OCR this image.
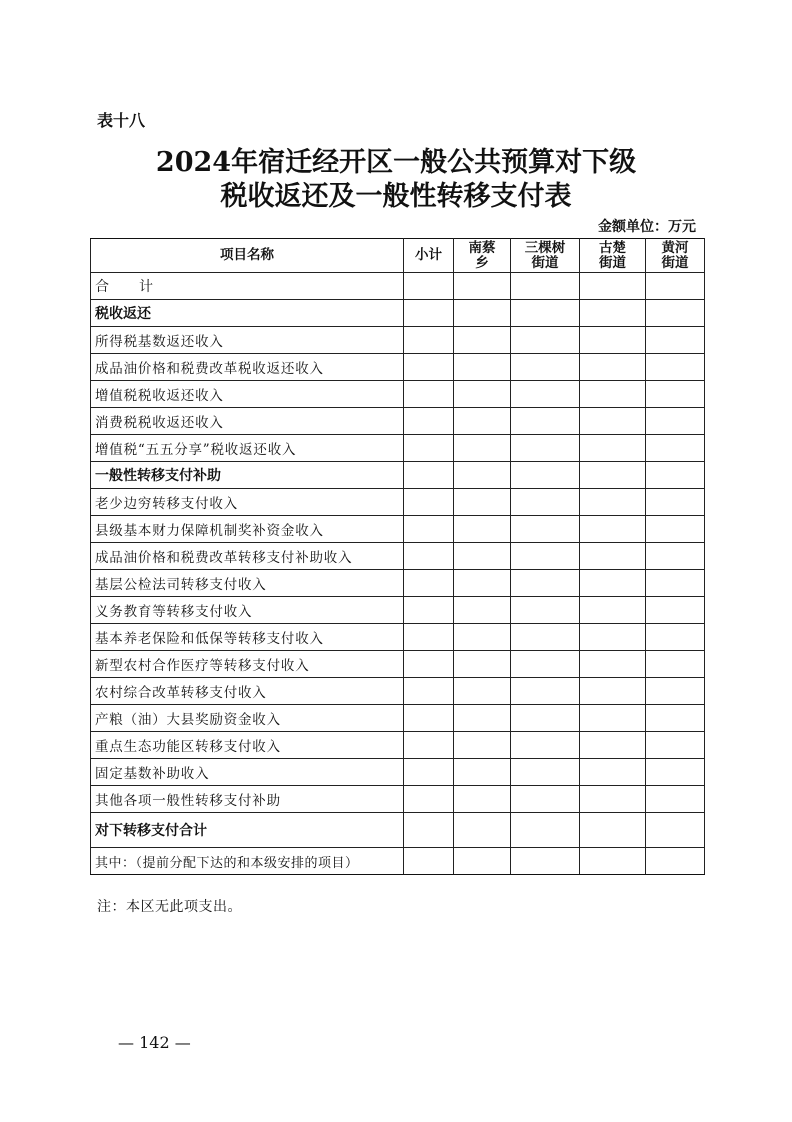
表十八
2024年宿迁经开区一般公共预算对下级
税收返还及一般性转移支付表
金额单位：万元
项目名称	小计	南蔡乡	三棵树街道	古楚街道	黄河街道

合计					
税收返还					
所得税基数返还收入					
成品油价格和税费改革税收返还收入					
增值税税收返还收入					
消费税税收返还收入					
增值税“五五分享”税收返还收入					
一般性转移支付补助					
老少边穷转移支付收入					
县级基本财力保障机制奖补资金收入					
成品油价格和税费改革转移支付补助收入					
基层公检法司转移支付收入					
义务教育等转移支付收入					
基本养老保险和低保等转移支付收入					
新型农村合作医疗等转移支付收入					
农村综合改革转移支付收入					
产粮（油）大县奖励资金收入					
重点生态功能区转移支付收入					
固定基数补助收入					
其他各项一般性转移支付补助					
对下转移支付合计					
其中：（提前分配下达的和本级安排的项目）					
注：本区无此项支出。
— 142 —
